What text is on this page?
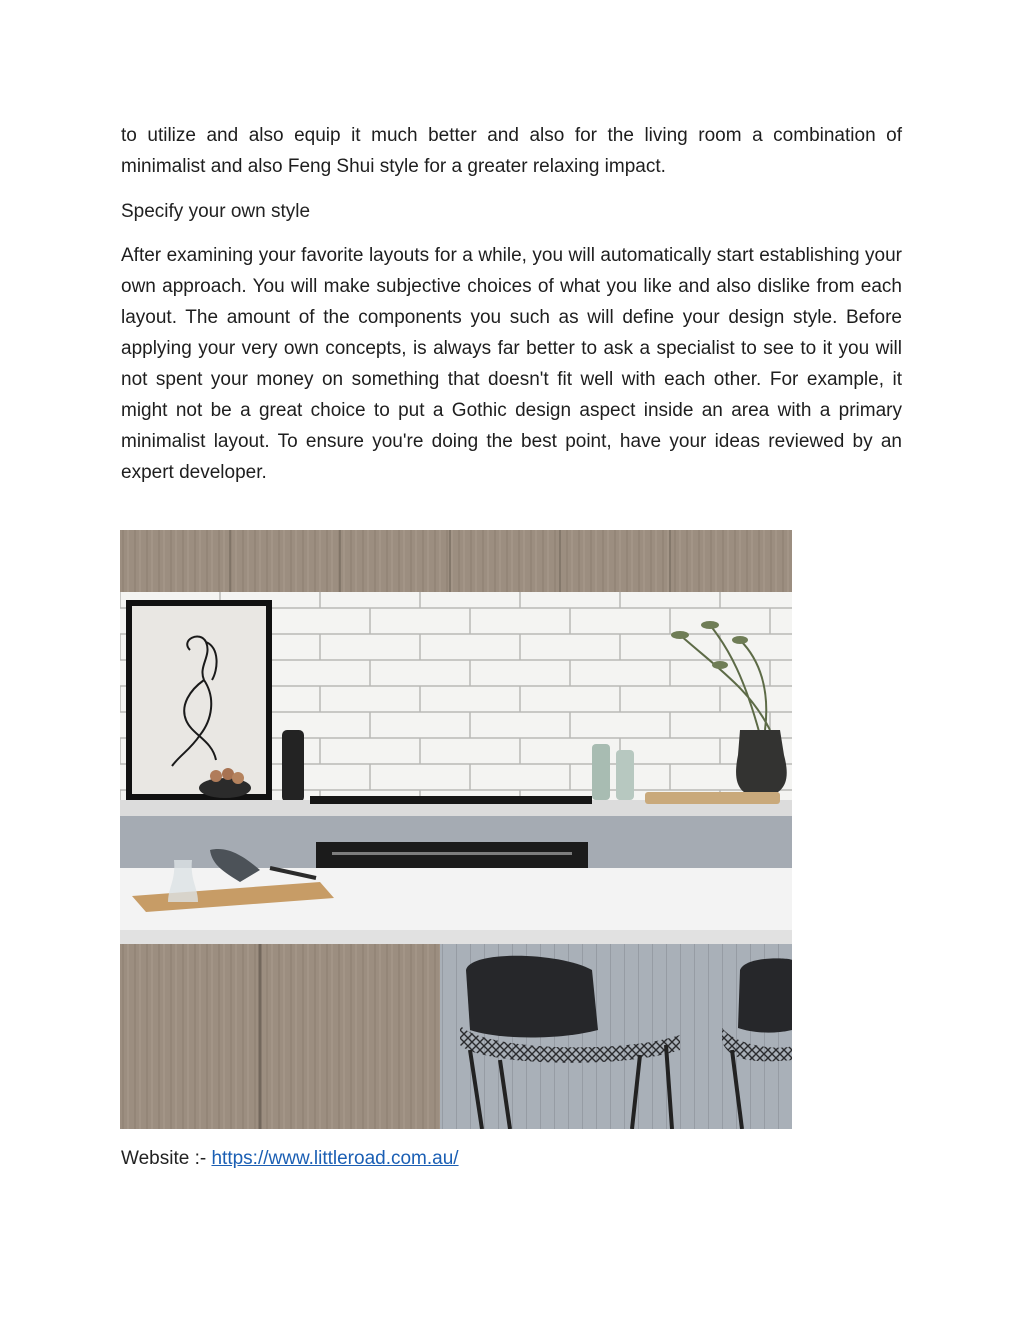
to utilize and also equip it much better and also for the living room a combination of minimalist and also Feng Shui style for a greater relaxing impact.

Specify your own style

After examining your favorite layouts for a while, you will automatically start establishing your own approach. You will make subjective choices of what you like and also dislike from each layout. The amount of the components you such as will define your design style. Before applying your very own concepts, is always far better to ask a specialist to see to it you will not spent your money on something that doesn't fit well with each other. For example, it might not be a great choice to put a Gothic design aspect inside an area with a primary minimalist layout. To ensure you're doing the best point, have your ideas reviewed by an expert developer.

Website :- https://www.littleroad.com.au/
